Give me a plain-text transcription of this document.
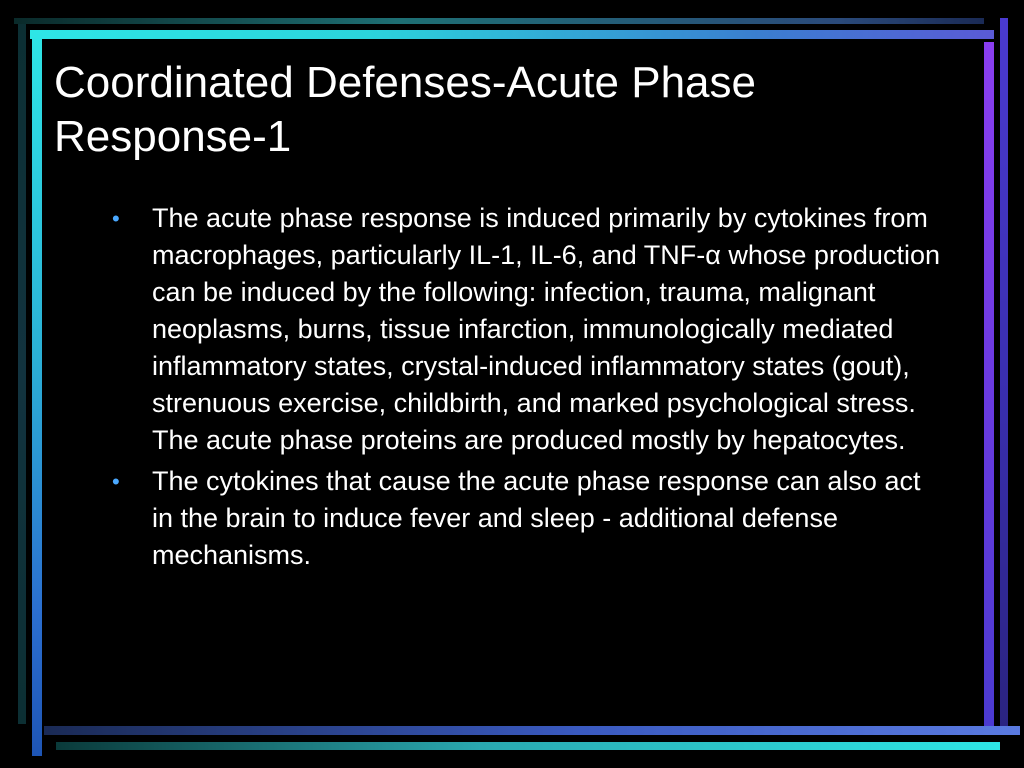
Coordinated Defenses-Acute Phase Response-1
• The acute phase response is induced primarily by cytokines from macrophages, particularly IL-1, IL-6, and TNF-α whose production can be induced by the following: infection, trauma, malignant neoplasms, burns, tissue infarction, immunologically mediated inflammatory states, crystal-induced inflammatory states (gout), strenuous exercise, childbirth, and marked psychological stress. The acute phase proteins are produced mostly by hepatocytes.
• The cytokines that cause the acute phase response can also act in the brain to induce fever and sleep - additional defense mechanisms.
